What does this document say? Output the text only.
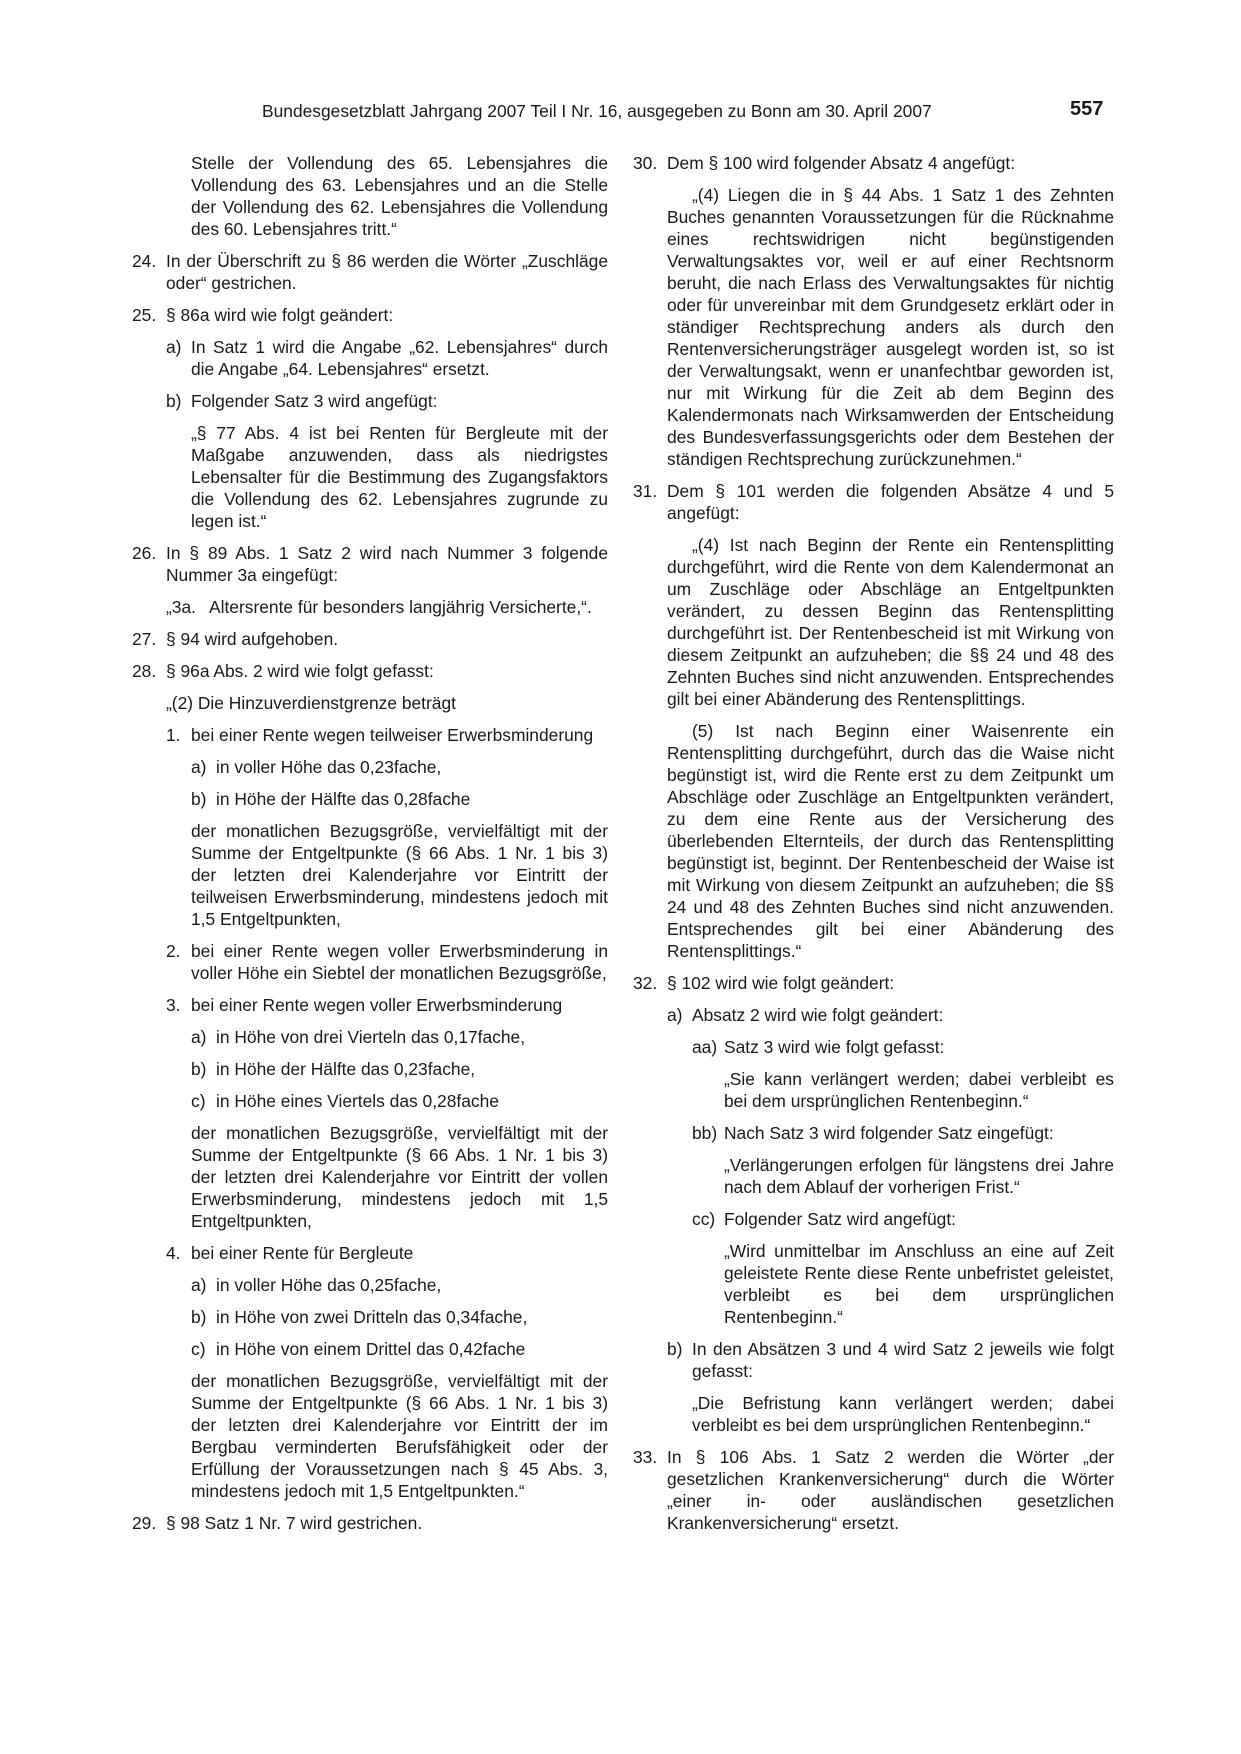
Bundesgesetzblatt Jahrgang 2007 Teil I Nr. 16, ausgegeben zu Bonn am 30. April 2007	557
Stelle der Vollendung des 65. Lebensjahres die Vollendung des 63. Lebensjahres und an die Stelle der Vollendung des 62. Lebensjahres die Vollendung des 60. Lebensjahres tritt.“
24. In der Überschrift zu § 86 werden die Wörter „Zuschläge oder“ gestrichen.
25. § 86a wird wie folgt geändert:
a) In Satz 1 wird die Angabe „62. Lebensjahres“ durch die Angabe „64. Lebensjahres“ ersetzt.
b) Folgender Satz 3 wird angefügt:
„§ 77 Abs. 4 ist bei Renten für Bergleute mit der Maßgabe anzuwenden, dass als niedrigstes Lebensalter für die Bestimmung des Zugangsfaktors die Vollendung des 62. Lebensjahres zugrunde zu legen ist.“
26. In § 89 Abs. 1 Satz 2 wird nach Nummer 3 folgende Nummer 3a eingefügt:
„3a. Altersrente für besonders langjährig Versicherte,“.
27. § 94 wird aufgehoben.
28. § 96a Abs. 2 wird wie folgt gefasst:
„(2) Die Hinzuverdienstgrenze beträgt
1. bei einer Rente wegen teilweiser Erwerbsminderung
a) in voller Höhe das 0,23fache,
b) in Höhe der Hälfte das 0,28fache
der monatlichen Bezugsgröße, vervielfältigt mit der Summe der Entgeltpunkte (§ 66 Abs. 1 Nr. 1 bis 3) der letzten drei Kalenderjahre vor Eintritt der teilweisen Erwerbsminderung, mindestens jedoch mit 1,5 Entgeltpunkten,
2. bei einer Rente wegen voller Erwerbsminderung in voller Höhe ein Siebtel der monatlichen Bezugsgröße,
3. bei einer Rente wegen voller Erwerbsminderung
a) in Höhe von drei Vierteln das 0,17fache,
b) in Höhe der Hälfte das 0,23fache,
c) in Höhe eines Viertels das 0,28fache
der monatlichen Bezugsgröße, vervielfältigt mit der Summe der Entgeltpunkte (§ 66 Abs. 1 Nr. 1 bis 3) der letzten drei Kalenderjahre vor Eintritt der vollen Erwerbsminderung, mindestens jedoch mit 1,5 Entgeltpunkten,
4. bei einer Rente für Bergleute
a) in voller Höhe das 0,25fache,
b) in Höhe von zwei Dritteln das 0,34fache,
c) in Höhe von einem Drittel das 0,42fache
der monatlichen Bezugsgröße, vervielfältigt mit der Summe der Entgeltpunkte (§ 66 Abs. 1 Nr. 1 bis 3) der letzten drei Kalenderjahre vor Eintritt der im Bergbau verminderten Berufsfähigkeit oder der Erfüllung der Voraussetzungen nach § 45 Abs. 3, mindestens jedoch mit 1,5 Entgeltpunkten.“
29. § 98 Satz 1 Nr. 7 wird gestrichen.
30. Dem § 100 wird folgender Absatz 4 angefügt:
„(4) Liegen die in § 44 Abs. 1 Satz 1 des Zehnten Buches genannten Voraussetzungen für die Rücknahme eines rechtswidrigen nicht begünstigenden Verwaltungsaktes vor, weil er auf einer Rechtsnorm beruht, die nach Erlass des Verwaltungsaktes für nichtig oder für unvereinbar mit dem Grundgesetz erklärt oder in ständiger Rechtsprechung anders als durch den Rentenversicherungsträger ausgelegt worden ist, so ist der Verwaltungsakt, wenn er unanfechtbar geworden ist, nur mit Wirkung für die Zeit ab dem Beginn des Kalendermonats nach Wirksamwerden der Entscheidung des Bundesverfassungsgerichts oder dem Bestehen der ständigen Rechtsprechung zurückzunehmen.“
31. Dem § 101 werden die folgenden Absätze 4 und 5 angefügt:
„(4) Ist nach Beginn der Rente ein Rentensplitting durchgeführt, wird die Rente von dem Kalendermonat an um Zuschläge oder Abschläge an Entgeltpunkten verändert, zu dessen Beginn das Rentensplitting durchgeführt ist. Der Rentenbescheid ist mit Wirkung von diesem Zeitpunkt an aufzuheben; die §§ 24 und 48 des Zehnten Buches sind nicht anzuwenden. Entsprechendes gilt bei einer Abänderung des Rentensplittings.
(5) Ist nach Beginn einer Waisenrente ein Rentensplitting durchgeführt, durch das die Waise nicht begünstigt ist, wird die Rente erst zu dem Zeitpunkt um Abschläge oder Zuschläge an Entgeltpunkten verändert, zu dem eine Rente aus der Versicherung des überlebenden Elternteils, der durch das Rentensplitting begünstigt ist, beginnt. Der Rentenbescheid der Waise ist mit Wirkung von diesem Zeitpunkt an aufzuheben; die §§ 24 und 48 des Zehnten Buches sind nicht anzuwenden. Entsprechendes gilt bei einer Abänderung des Rentensplittings.“
32. § 102 wird wie folgt geändert:
a) Absatz 2 wird wie folgt geändert:
aa) Satz 3 wird wie folgt gefasst:
„Sie kann verlängert werden; dabei verbleibt es bei dem ursprünglichen Rentenbeginn.“
bb) Nach Satz 3 wird folgender Satz eingefügt:
„Verlängerungen erfolgen für längstens drei Jahre nach dem Ablauf der vorherigen Frist.“
cc) Folgender Satz wird angefügt:
„Wird unmittelbar im Anschluss an eine auf Zeit geleistete Rente diese Rente unbefristet geleistet, verbleibt es bei dem ursprünglichen Rentenbeginn.“
b) In den Absätzen 3 und 4 wird Satz 2 jeweils wie folgt gefasst:
„Die Befristung kann verlängert werden; dabei verbleibt es bei dem ursprünglichen Rentenbeginn.“
33. In § 106 Abs. 1 Satz 2 werden die Wörter „der gesetzlichen Krankenversicherung“ durch die Wörter „einer in- oder ausländischen gesetzlichen Krankenversicherung“ ersetzt.
